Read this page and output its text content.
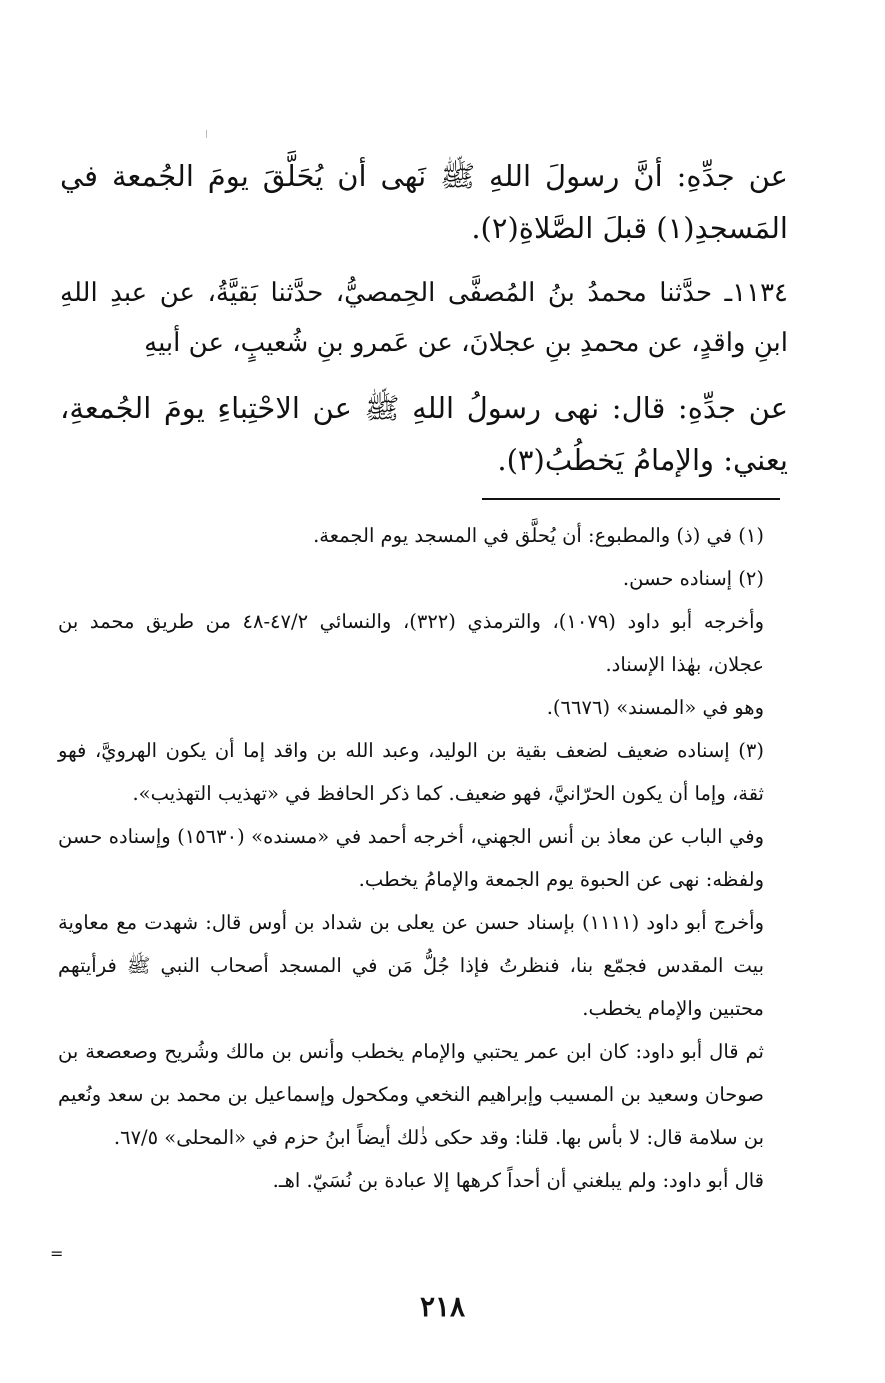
عن جدِّهِ: أنَّ رسولَ اللهِ ﷺ نَهى أن يُحَلَّقَ يومَ الجُمعة في المَسجدِ(١) قبلَ الصَّلاةِ(٢).

١١٣٤ـ حدَّثنا محمدُ بنُ المُصفَّى الحِمصيُّ، حدَّثنا بَقيَّةُ، عن عبدِ اللهِ ابنِ واقدٍ، عن محمدِ بنِ عجلانَ، عن عَمرو بنِ شُعيبٍ، عن أبيهِ

عن جدِّهِ: قال: نهى رسولُ اللهِ ﷺ عن الاحْتِباءِ يومَ الجُمعةِ، يعني: والإمامُ يَخطُبُ(٣).

(١) في (ذ) والمطبوع: أن يُحلَّق في المسجد يوم الجمعة.

(٢) إسناده حسن.

وأخرجه أبو داود (١٠٧٩)، والترمذي (٣٢٢)، والنسائي ٢/‏٤٧-٤٨ من طريق محمد بن عجلان، بهٰذا الإسناد.

وهو في «المسند» (٦٦٧٦).

(٣) إسناده ضعيف لضعف بقية بن الوليد، وعبد الله بن واقد إما أن يكون الهرويَّ، فهو ثقة، وإما أن يكون الحرّانيَّ، فهو ضعيف. كما ذكر الحافظ في «تهذيب التهذيب».

وفي الباب عن معاذ بن أنس الجهني، أخرجه أحمد في «مسنده» (١٥٦٣٠) وإسناده حسن ولفظه: نهى عن الحبوة يوم الجمعة والإمامُ يخطب.

وأخرج أبو داود (١١١١) بإسناد حسن عن يعلى بن شداد بن أوس قال: شهدت مع معاوية بيت المقدس فجمّع بنا، فنظرتُ فإذا جُلُّ مَن في المسجد أصحاب النبي ﷺ فرأيتهم محتبين والإمام يخطب.

ثم قال أبو داود: كان ابن عمر يحتبي والإمام يخطب وأنس بن مالك وشُريح وصعصعة بن صوحان وسعيد بن المسيب وإبراهيم النخعي ومكحول وإسماعيل بن محمد بن سعد ونُعيم بن سلامة قال: لا بأس بها. قلنا: وقد حكى ذٰلك أيضاً ابنُ حزم في «المحلى» ٥/‏٦٧.

قال أبو داود: ولم يبلغني أن أحداً كرهها إلا عبادة بن نُسَيّ. اهـ.

=
٢١٨
